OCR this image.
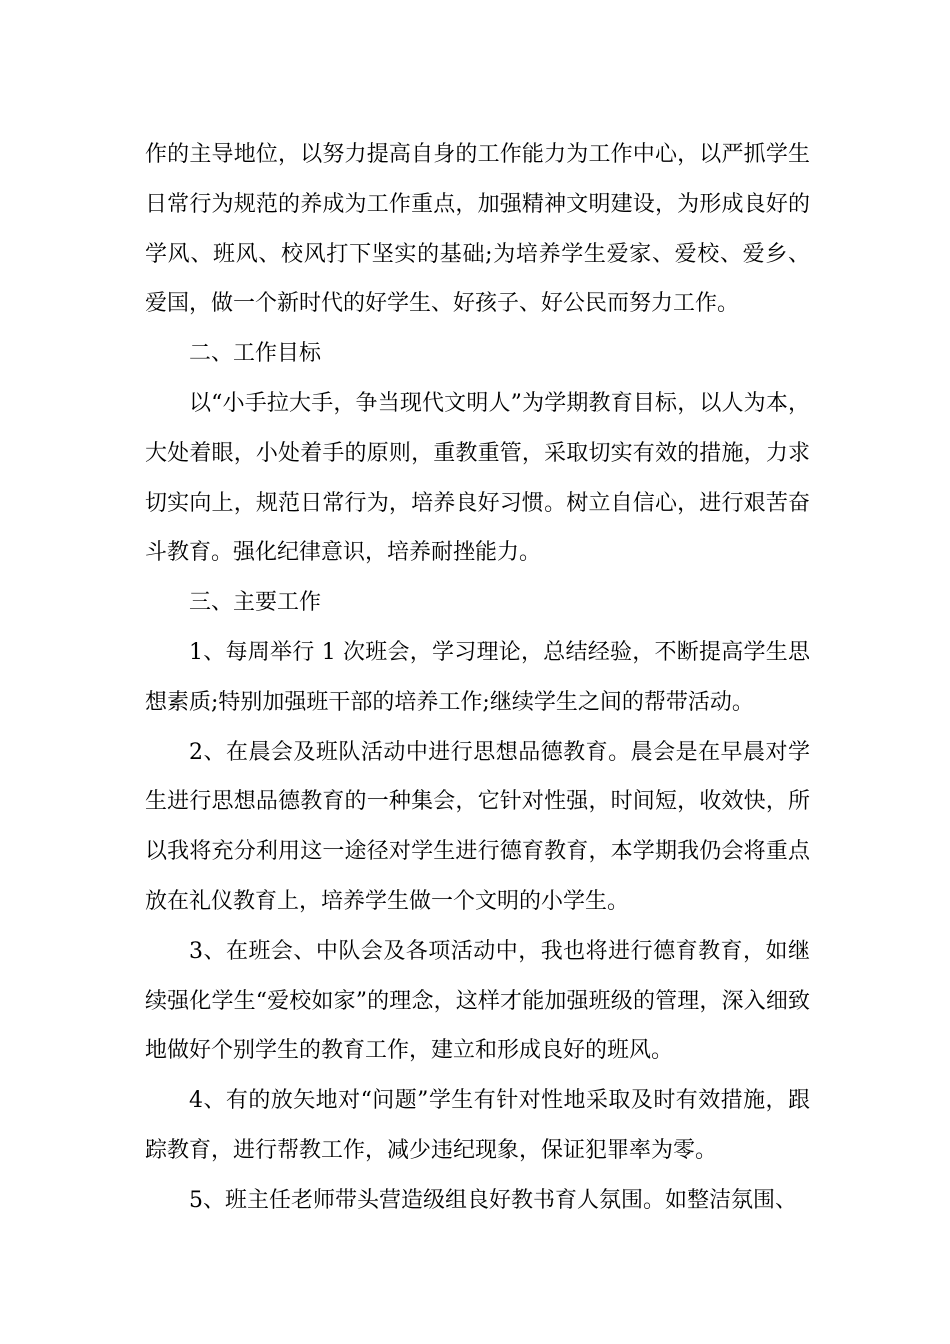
作的主导地位，以努力提高自身的工作能力为工作中心，以严抓学生日常行为规范的养成为工作重点，加强精神文明建设，为形成良好的学风、班风、校风打下坚实的基础;为培养学生爱家、爱校、爱乡、爱国，做一个新时代的好学生、好孩子、好公民而努力工作。

二、工作目标

以“小手拉大手，争当现代文明人”为学期教育目标，以人为本，大处着眼，小处着手的原则，重教重管，采取切实有效的措施，力求切实向上，规范日常行为，培养良好习惯。树立自信心，进行艰苦奋斗教育。强化纪律意识，培养耐挫能力。

三、主要工作

1、每周举行 1 次班会，学习理论，总结经验，不断提高学生思想素质;特别加强班干部的培养工作;继续学生之间的帮带活动。

2、在晨会及班队活动中进行思想品德教育。晨会是在早晨对学生进行思想品德教育的一种集会，它针对性强，时间短，收效快，所以我将充分利用这一途径对学生进行德育教育，本学期我仍会将重点放在礼仪教育上，培养学生做一个文明的小学生。

3、在班会、中队会及各项活动中，我也将进行德育教育，如继续强化学生“爱校如家”的理念，这样才能加强班级的管理，深入细致地做好个别学生的教育工作，建立和形成良好的班风。

4、有的放矢地对“问题”学生有针对性地采取及时有效措施，跟踪教育，进行帮教工作，减少违纪现象，保证犯罪率为零。

5、班主任老师带头营造级组良好教书育人氛围。如整洁氛围、
